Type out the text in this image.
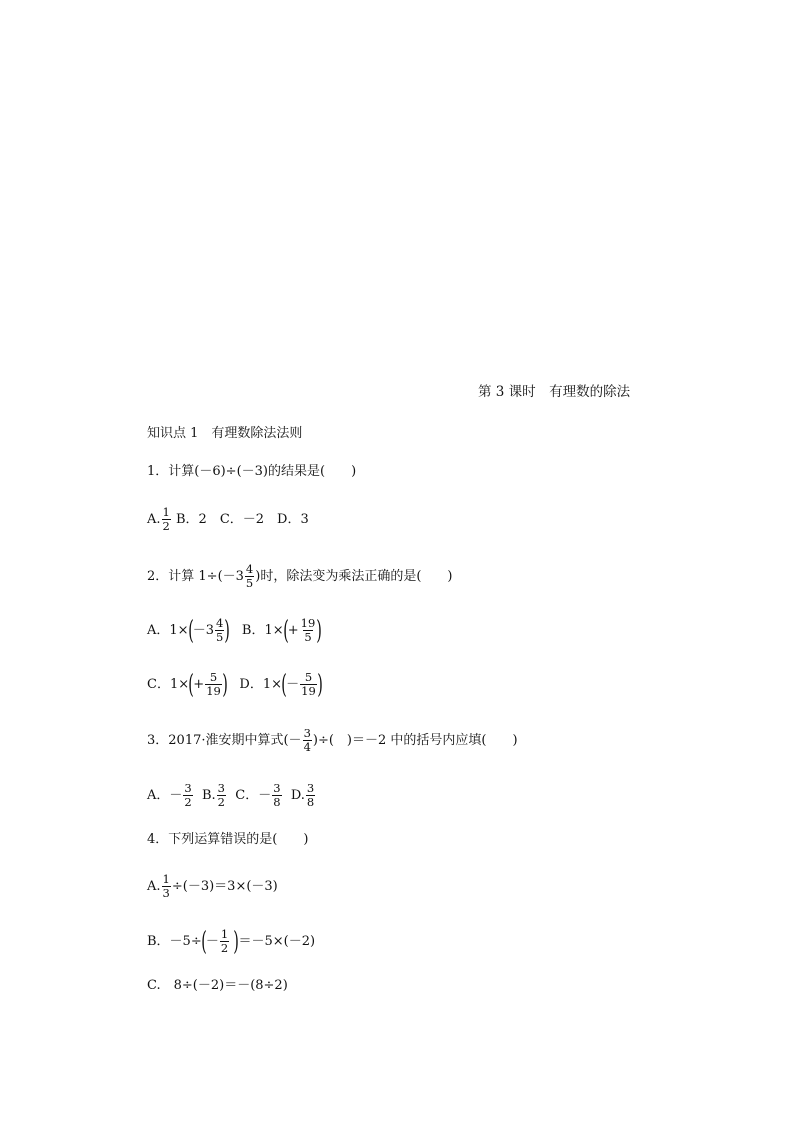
第 3 课时　有理数的除法
知识点 1　有理数除法法则
1．计算(－6)÷(－3)的结果是(　　)
A. $\frac{1}{2}$ B．2　C．－2　D．3
2．计算 $1\div(-3 \frac{4}{5}$ )时，除法变为乘法正确的是(　　)
A．$1\times(-3 \frac{4}{5}$ ) B．$1\times(+ \frac{19}{5}$ )
C．$1\times(+ \frac{5}{19}$ ) D．$1\times(- \frac{5}{19}$ )
3．2017·淮安期中算式(－ $\frac{3}{4}$ )÷(　)＝－2 中的括号内应填(　　)
A．－ $\frac{3}{2} B$. $\frac{3}{2}$ C．－ $\frac{3}{8} D$. $\frac{3}{8}$
4．下列运算错误的是(　　)
A. $\frac{1}{3} \div(-3)=3\times(-3)$
B．$-5\div(- \frac{1}{2} )=-5\times(-2)$
C.　8÷(－2)＝－(8÷2)
